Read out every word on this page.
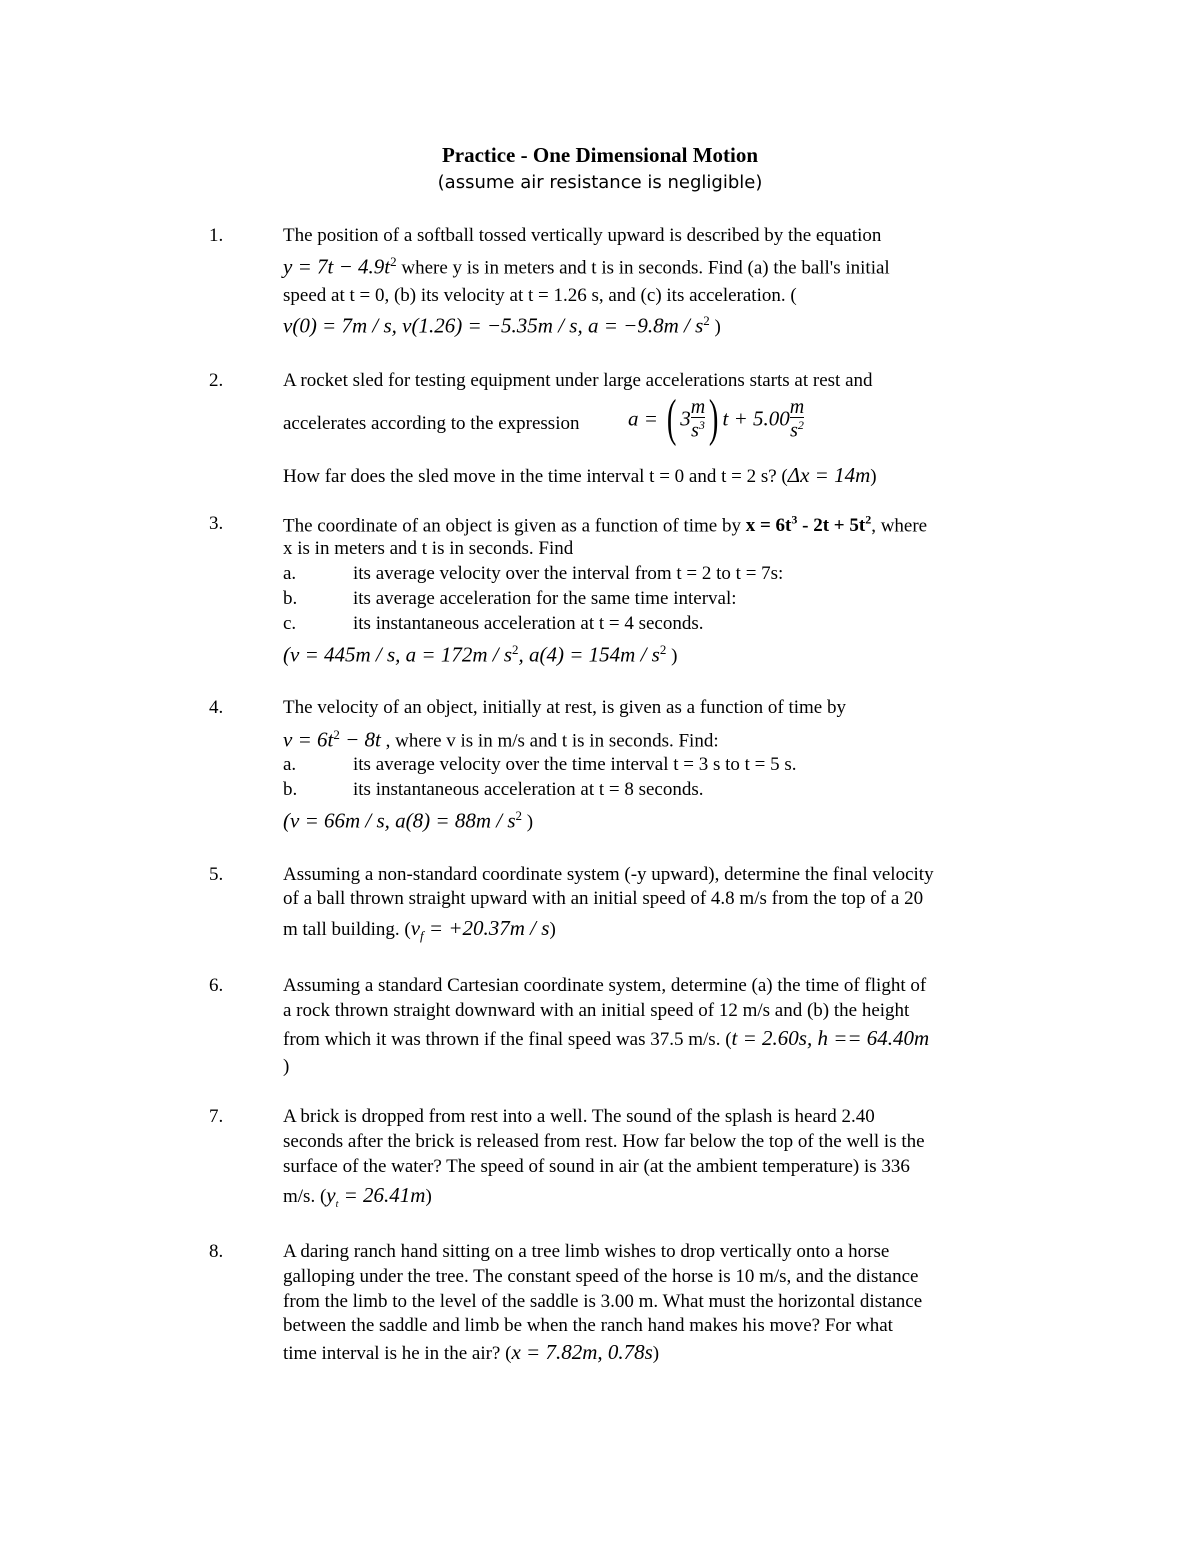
Practice - One Dimensional Motion
(assume air resistance is negligible)
1.	The position of a softball tossed vertically upward is described by the equation
$y = 7t - 4.9t^2$ where y is in meters and t is in seconds. Find (a) the ball's initial
speed at t = 0, (b) its velocity at t = 1.26 s, and (c) its acceleration. (
v(0) = 7m / s, v(1.26) = −5.35m / s, $a = -9.8m / s^2$ )
2.	A rocket sled for testing equipment under large accelerations starts at rest and
accelerates according to the expression a = ( $3 \frac{m}{s^3}$ ) $t + 5.00 \frac{m}{s^2}$
How far does the sled move in the time interval t = 0 and t = 2 s? (Δx = 14m)
3.	The coordinate of an object is given as a function of time by $x = 6t^3 - 2t + 5t^2$, where
x is in meters and t is in seconds. Find
a.	its average velocity over the interval from t = 2 to t = 7s:
b.	its average acceleration for the same time interval:
c.	its instantaneous acceleration at t = 4 seconds.
(v = 445m / s, $a = 172m / s^2$, $a(4) = 154m / s^2$ )
4.	The velocity of an object, initially at rest, is given as a function of time by
$v = 6t^2 - 8t$ , where v is in m/s and t is in seconds. Find:
a.	its average velocity over the time interval t = 3 s to t = 5 s.
b.	its instantaneous acceleration at t = 8 seconds.
(v = 66m / s, $a(8) = 88m / s^2$ )
5.	Assuming a non-standard coordinate system (-y upward), determine the final velocity
of a ball thrown straight upward with an initial speed of 4.8 m/s from the top of a 20
m tall building. $(v_f = +20.37m / s)$
6.	Assuming a standard Cartesian coordinate system, determine (a) the time of flight of
a rock thrown straight downward with an initial speed of 12 m/s and (b) the height
from which it was thrown if the final speed was 37.5 m/s. (t = 2.60s, h == 64.40m
)
7.	A brick is dropped from rest into a well. The sound of the splash is heard 2.40
seconds after the brick is released from rest. How far below the top of the well is the
surface of the water? The speed of sound in air (at the ambient temperature) is 336
m/s. $(y_t = 26.41m)$
8.	A daring ranch hand sitting on a tree limb wishes to drop vertically onto a horse
galloping under the tree. The constant speed of the horse is 10 m/s, and the distance
from the limb to the level of the saddle is 3.00 m. What must the horizontal distance
between the saddle and limb be when the ranch hand makes his move? For what
time interval is he in the air? (x = 7.82m, 0.78s)
